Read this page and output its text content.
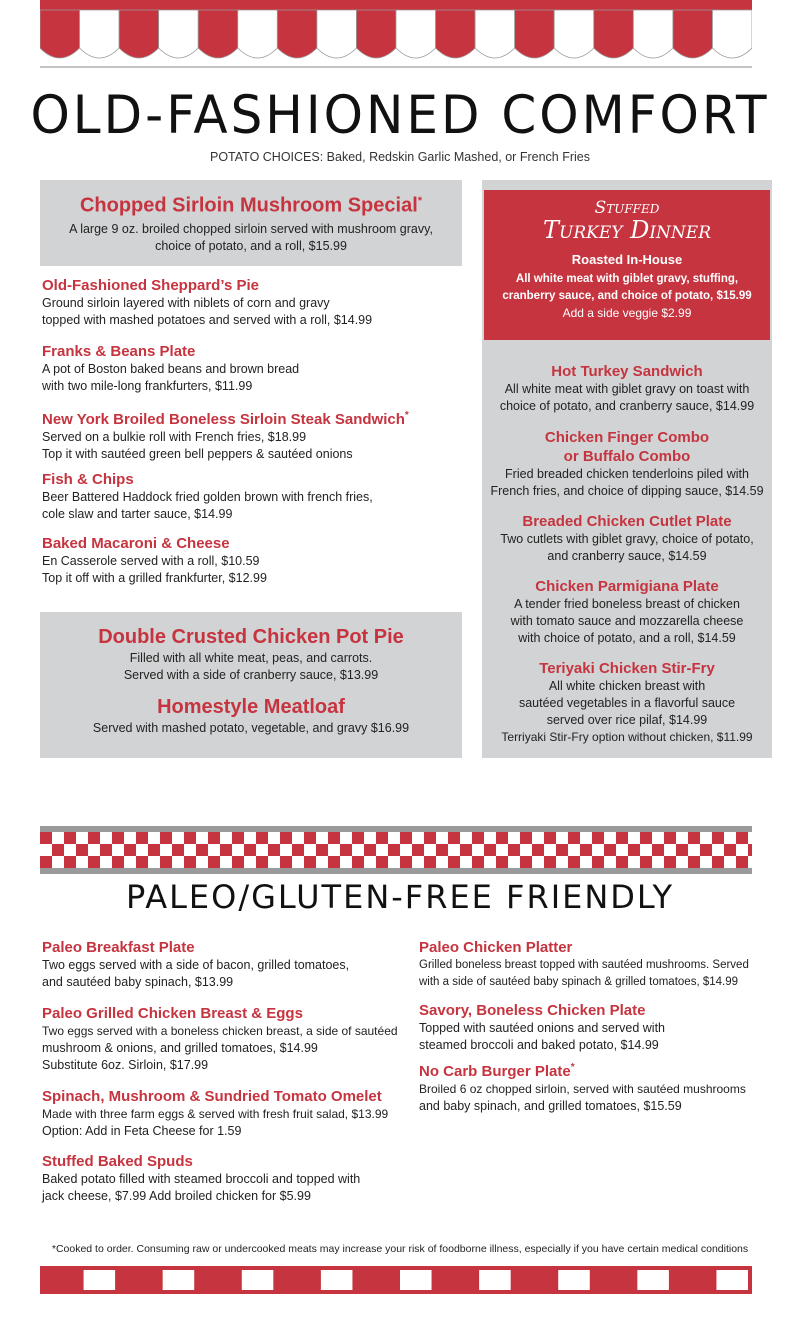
OLD-FASHIONED COMFORT
POTATO CHOICES: Baked, Redskin Garlic Mashed, or French Fries
Chopped Sirloin Mushroom Special*
A large 9 oz. broiled chopped sirloin served with mushroom gravy,
choice of potato, and a roll, $15.99
Old-Fashioned Sheppard’s Pie
Ground sirloin layered with niblets of corn and gravy
topped with mashed potatoes and served with a roll, $14.99
Franks & Beans Plate
A pot of Boston baked beans and brown bread
with two mile-long frankfurters, $11.99
New York Broiled Boneless Sirloin Steak Sandwich*
Served on a bulkie roll with French fries, $18.99
Top it with sautéed green bell peppers & sautéed onions
Fish & Chips
Beer Battered Haddock fried golden brown with french fries,
cole slaw and tarter sauce, $14.99
Baked Macaroni & Cheese
En Casserole served with a roll, $10.59
Top it off with a grilled frankfurter, $12.99
Double Crusted Chicken Pot Pie
Filled with all white meat, peas, and carrots.
Served with a side of cranberry sauce, $13.99
Homestyle Meatloaf
Served with mashed potato, vegetable, and gravy $16.99
Stuffed
Turkey Dinner
Roasted In-House
All white meat with giblet gravy, stuffing,
cranberry sauce, and choice of potato, $15.99
Add a side veggie $2.99
Hot Turkey Sandwich
All white meat with giblet gravy on toast with
choice of potato, and cranberry sauce, $14.99
Chicken Finger Combo
or Buffalo Combo
Fried breaded chicken tenderloins piled with
French fries, and choice of dipping sauce, $14.59
Breaded Chicken Cutlet Plate
Two cutlets with giblet gravy, choice of potato,
and cranberry sauce, $14.59
Chicken Parmigiana Plate
A tender fried boneless breast of chicken
with tomato sauce and mozzarella cheese
with choice of potato, and a roll, $14.59
Teriyaki Chicken Stir-Fry
All white chicken breast with
sautéed vegetables in a flavorful sauce
served over rice pilaf, $14.99
Terriyaki Stir-Fry option without chicken, $11.99
PALEO/GLUTEN-FREE FRIENDLY
Paleo Breakfast Plate
Two eggs served with a side of bacon, grilled tomatoes,
and sautéed baby spinach, $13.99
Paleo Grilled Chicken Breast & Eggs
Two eggs served with a boneless chicken breast, a side of sautéed
mushroom & onions, and grilled tomatoes, $14.99
Substitute 6oz. Sirloin, $17.99
Spinach, Mushroom & Sundried Tomato Omelet
Made with three farm eggs & served with fresh fruit salad, $13.99
Option: Add in Feta Cheese for 1.59
Stuffed Baked Spuds
Baked potato filled with steamed broccoli and topped with
jack cheese, $7.99 Add broiled chicken for $5.99
Paleo Chicken Platter
Grilled boneless breast topped with sautéed mushrooms. Served
with a side of sautéed baby spinach & grilled tomatoes, $14.99
Savory, Boneless Chicken Plate
Topped with sautéed onions and served with
steamed broccoli and baked potato, $14.99
No Carb Burger Plate*
Broiled 6 oz chopped sirloin, served with sautéed mushrooms
and baby spinach, and grilled tomatoes, $15.59
*Cooked to order. Consuming raw or undercooked meats may increase your risk of foodborne illness, especially if you have certain medical conditions
